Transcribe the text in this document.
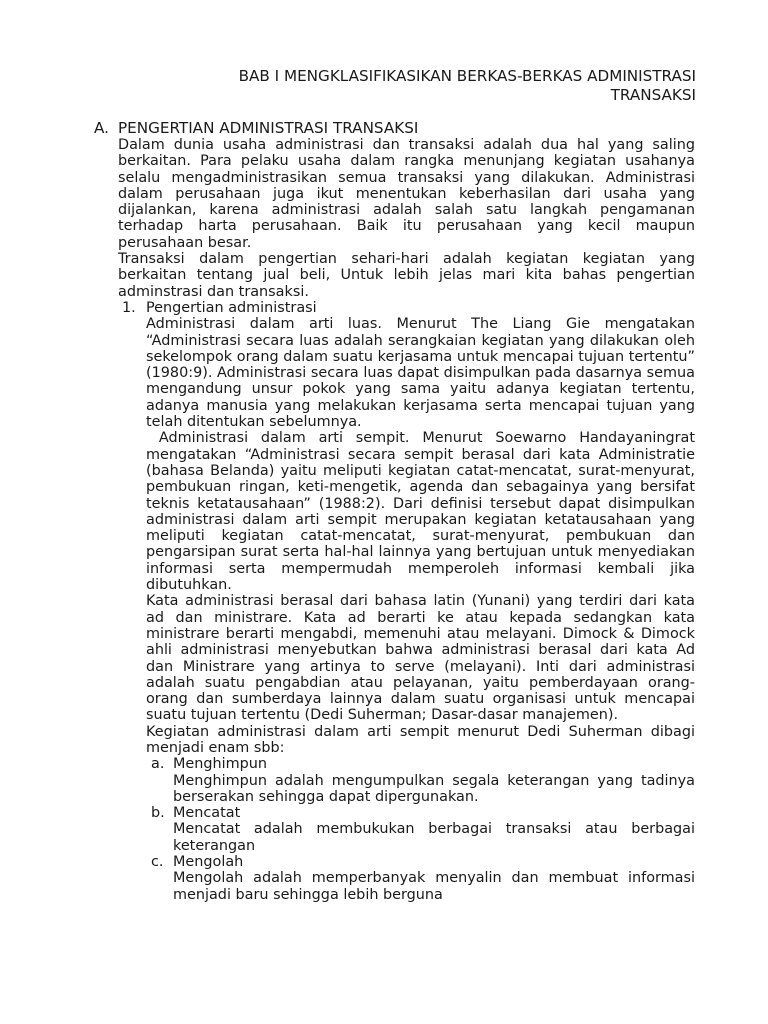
BAB I MENGKLASIFIKASIKAN BERKAS-BERKAS ADMINISTRASI
TRANSAKSI
A. PENGERTIAN ADMINISTRASI TRANSAKSI

Dalam dunia usaha administrasi dan transaksi adalah dua hal yang saling berkaitan. Para pelaku usaha dalam rangka menunjang kegiatan usahanya selalu mengadministrasikan semua transaksi yang dilakukan. Administrasi dalam perusahaan juga ikut menentukan keberhasilan dari usaha yang dijalankan, karena administrasi adalah salah satu langkah pengamanan terhadap harta perusahaan. Baik itu perusahaan yang kecil maupun perusahaan besar.

Transaksi dalam pengertian sehari-hari adalah kegiatan kegiatan yang berkaitan tentang jual beli, Untuk lebih jelas mari kita bahas pengertian adminstrasi dan transaksi.

1. Pengertian administrasi

Administrasi dalam arti luas. Menurut The Liang Gie mengatakan “Administrasi secara luas adalah serangkaian kegiatan yang dilakukan oleh sekelompok orang dalam suatu kerjasama untuk mencapai tujuan tertentu” (1980:9). Administrasi secara luas dapat disimpulkan pada dasarnya semua mengandung unsur pokok yang sama yaitu adanya kegiatan tertentu, adanya manusia yang melakukan kerjasama serta mencapai tujuan yang telah ditentukan sebelumnya.

Administrasi dalam arti sempit. Menurut Soewarno Handayaningrat mengatakan “Administrasi secara sempit berasal dari kata Administratie (bahasa Belanda) yaitu meliputi kegiatan catat-mencatat, surat-menyurat, pembukuan ringan, keti-mengetik, agenda dan sebagainya yang bersifat teknis ketatausahaan” (1988:2). Dari definisi tersebut dapat disimpulkan administrasi dalam arti sempit merupakan kegiatan ketatausahaan yang meliputi kegiatan catat-mencatat, surat-menyurat, pembukuan dan pengarsipan surat serta hal-hal lainnya yang bertujuan untuk menyediakan informasi serta mempermudah memperoleh informasi kembali jika dibutuhkan.

Kata administrasi berasal dari bahasa latin (Yunani) yang terdiri dari kata ad dan ministrare. Kata ad berarti ke atau kepada sedangkan kata ministrare berarti mengabdi, memenuhi atau melayani. Dimock & Dimock ahli administrasi menyebutkan bahwa administrasi berasal dari kata Ad dan Ministrare yang artinya to serve (melayani). Inti dari administrasi adalah suatu pengabdian atau pelayanan, yaitu pemberdayaan orang-orang dan sumberdaya lainnya dalam suatu organisasi untuk mencapai suatu tujuan tertentu (Dedi Suherman; Dasar-dasar manajemen).

Kegiatan administrasi dalam arti sempit menurut Dedi Suherman dibagi menjadi enam sbb:

a. Menghimpun

Menghimpun adalah mengumpulkan segala keterangan yang tadinya berserakan sehingga dapat dipergunakan.

b. Mencatat

Mencatat adalah membukukan berbagai transaksi atau berbagai keterangan

c. Mengolah

Mengolah adalah memperbanyak menyalin dan membuat informasi menjadi baru sehingga lebih berguna
